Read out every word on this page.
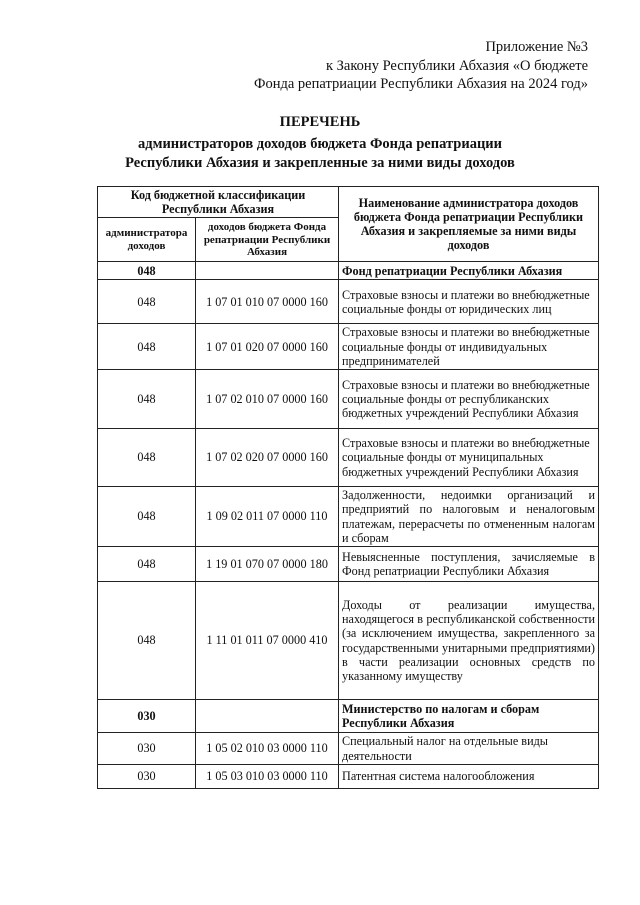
Приложение №3
к Закону Республики Абхазия «О бюджете
Фонда репатриации Республики Абхазия на 2024 год»
ПЕРЕЧЕНЬ
администраторов доходов бюджета Фонда репатриации
Республики Абхазия и закрепленные за ними виды доходов
Код бюджетной классификации Республики Абхазия		Наименование администратора доходов бюджета Фонда репатриации Республики Абхазия и закрепляемые за ними виды доходов
администратора доходов	доходов бюджета Фонда репатриации Республики Абхазия	
048		Фонд репатриации Республики Абхазия
048	1 07 01 010 07 0000 160	Страховые взносы и платежи во внебюджетные социальные фонды от юридических лиц
048	1 07 01 020 07 0000 160	Страховые взносы и платежи во внебюджетные социальные фонды от индивидуальных предпринимателей
048	1 07 02 010 07 0000 160	Страховые взносы и платежи во внебюджетные социальные фонды от республиканских бюджетных учреждений Республики Абхазия
048	1 07 02 020 07 0000 160	Страховые взносы и платежи во внебюджетные социальные фонды от муниципальных бюджетных учреждений Республики Абхазия
048	1 09 02 011 07 0000 110	Задолженности, недоимки организаций и предприятий по налоговым и неналоговым платежам, перерасчеты по отмененным налогам и сборам
048	1 19 01 070 07 0000 180	Невыясненные поступления, зачисляемые в Фонд репатриации Республики Абхазия
048	1 11 01 011 07 0000 410	Доходы от реализации имущества, находящегося в республиканской собственности (за исключением имущества, закрепленного за государственными унитарными предприятиями) в части реализации основных средств по указанному имуществу
030		Министерство по налогам и сборам Республики Абхазия
030	1 05 02 010 03 0000 110	Специальный налог на отдельные виды деятельности
030	1 05 03 010 03 0000 110	Патентная система налогообложения
